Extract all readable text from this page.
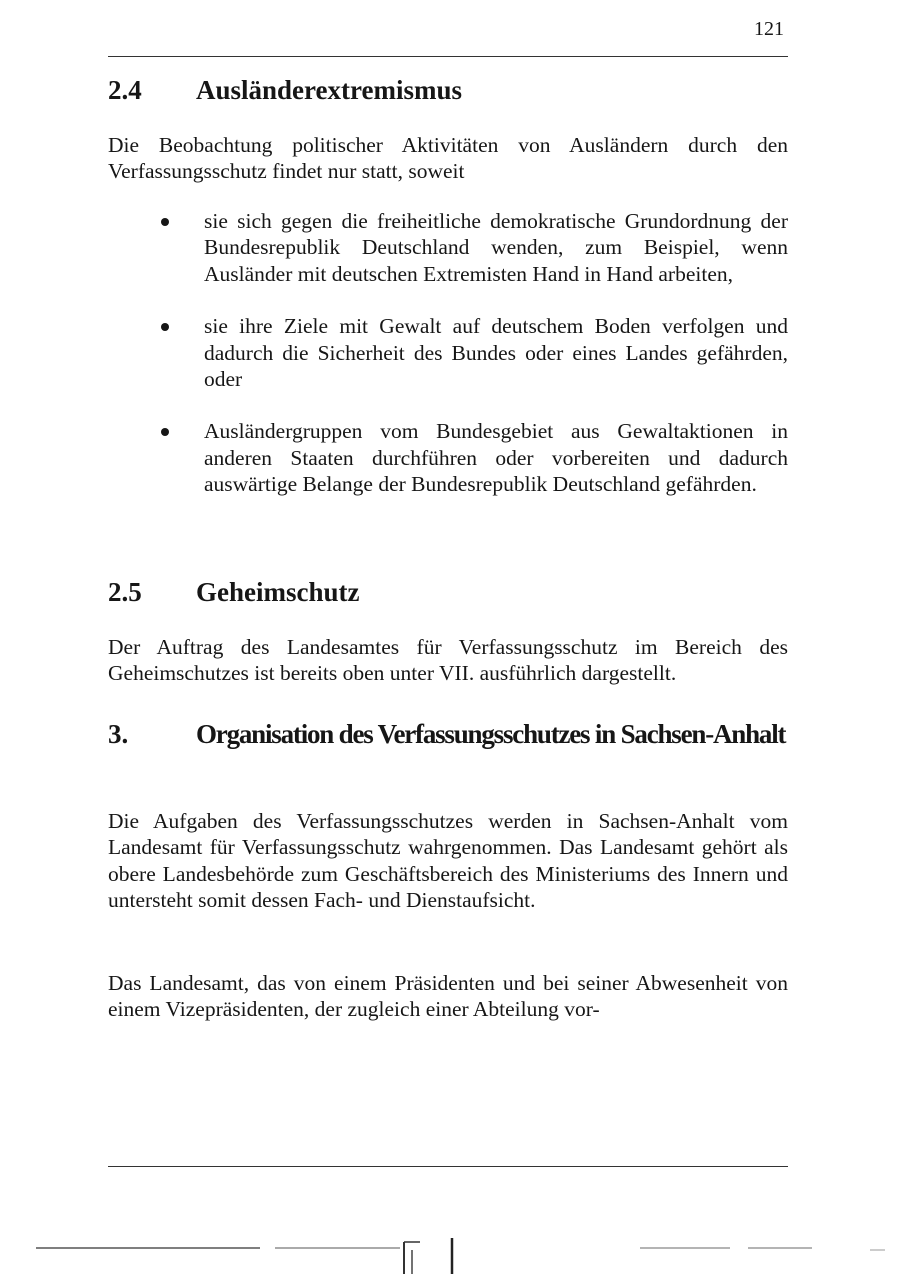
121
2.4 Ausländerextremismus

Die Beobachtung politischer Aktivitäten von Ausländern durch den Verfassungsschutz findet nur statt, soweit

sie sich gegen die freiheitliche demokratische Grundordnung der Bundesrepublik Deutschland wenden, zum Beispiel, wenn Ausländer mit deutschen Extremisten Hand in Hand arbeiten,
sie ihre Ziele mit Gewalt auf deutschem Boden verfolgen und dadurch die Sicherheit des Bundes oder eines Landes gefährden, oder
Ausländergruppen vom Bundesgebiet aus Gewaltaktionen in anderen Staaten durchführen oder vorbereiten und dadurch auswärtige Belange der Bundesrepublik Deutschland gefährden.
2.5 Geheimschutz

Der Auftrag des Landesamtes für Verfassungsschutz im Bereich des Geheimschutzes ist bereits oben unter VII. ausführlich dargestellt.

3.	Organisation des Verfassungsschutzes in Sachsen-Anhalt

Die Aufgaben des Verfassungsschutzes werden in Sachsen-Anhalt vom Landesamt für Verfassungsschutz wahrgenommen. Das Landesamt gehört als obere Landesbehörde zum Geschäftsbereich des Ministeriums des Innern und untersteht somit dessen Fach- und Dienstaufsicht.

Das Landesamt, das von einem Präsidenten und bei seiner Abwesenheit von einem Vizepräsidenten, der zugleich einer Abteilung vor-
